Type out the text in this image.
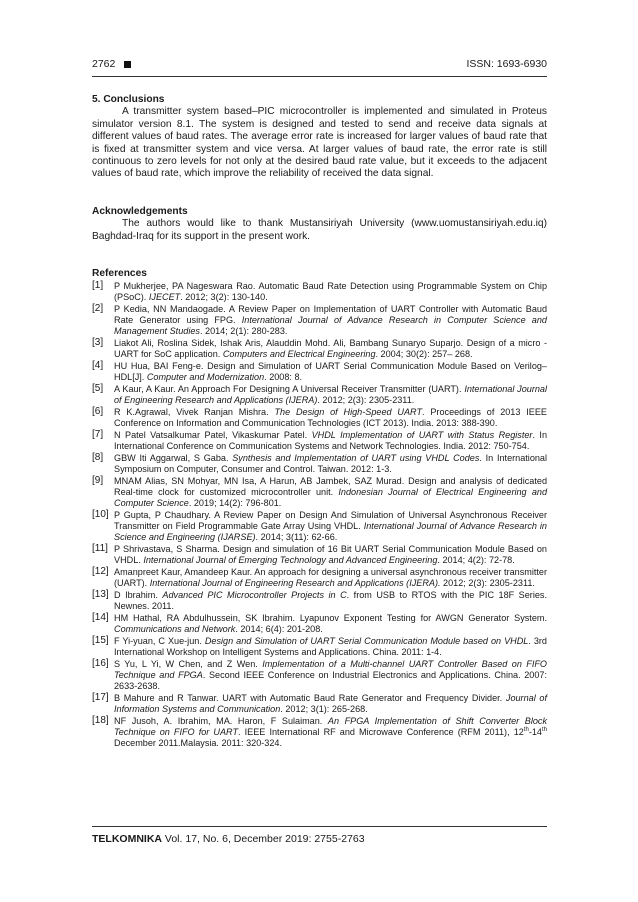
2762	ISSN: 1693-6930
5. Conclusions

A transmitter system based–PIC microcontroller is implemented and simulated in Proteus simulator version 8.1. The system is designed and tested to send and receive data signals at different values of baud rates. The average error rate is increased for larger values of baud rate that is fixed at transmitter system and vice versa. At larger values of baud rate, the error rate is still continuous to zero levels for not only at the desired baud rate value, but it exceeds to the adjacent values of baud rate, which improve the reliability of received the data signal.

Acknowledgements

The authors would like to thank Mustansiriyah University (www.uomustansiriyah.edu.iq) Baghdad-Iraq for its support in the present work.

References
[1]	P Mukherjee, PA Nageswara Rao. Automatic Baud Rate Detection using Programmable System on Chip (PSoC). IJECET. 2012; 3(2): 130-140.
[2]	P Kedia, NN Mandaogade. A Review Paper on Implementation of UART Controller with Automatic Baud Rate Generator using FPG. International Journal of Advance Research in Computer Science and Management Studies. 2014; 2(1): 280-283.
[3]	Liakot Ali, Roslina Sidek, Ishak Aris, Alauddin Mohd. Ali, Bambang Sunaryo Suparjo. Design of a micro - UART for SoC application. Computers and Electrical Engineering. 2004; 30(2): 257– 268.
[4]	HU Hua, BAI Feng-e. Design and Simulation of UART Serial Communication Module Based on Verilog–HDL[J]. Computer and Modernization. 2008: 8.
[5]	A Kaur, A Kaur. An Approach For Designing A Universal Receiver Transmitter (UART). International Journal of Engineering Research and Applications (IJERA). 2012; 2(3): 2305-2311.
[6]	R K.Agrawal, Vivek Ranjan Mishra. The Design of High-Speed UART. Proceedings of 2013 IEEE Conference on Information and Communication Technologies (ICT 2013). India. 2013: 388-390.
[7]	N Patel Vatsalkumar Patel, Vikaskumar Patel. VHDL Implementation of UART with Status Register. In International Conference on Communication Systems and Network Technologies. India. 2012: 750-754.
[8]	GBW Iti Aggarwal, S Gaba. Synthesis and Implementation of UART using VHDL Codes. In International Symposium on Computer, Consumer and Control. Taiwan. 2012: 1-3.
[9]	MNAM Alias, SN Mohyar, MN Isa, A Harun, AB Jambek, SAZ Murad. Design and analysis of dedicated Real-time clock for customized microcontroller unit. Indonesian Journal of Electrical Engineering and Computer Science. 2019; 14(2): 796-801.
[10] P Gupta, P Chaudhary. A Review Paper on Design And Simulation of Universal Asynchronous Receiver Transmitter on Field Programmable Gate Array Using VHDL. International Journal of Advance Research in Science and Engineering (IJARSE). 2014; 3(11): 62-66.
[11] P Shrivastava, S Sharma. Design and simulation of 16 Bit UART Serial Communication Module Based on VHDL. International Journal of Emerging Technology and Advanced Engineering. 2014; 4(2): 72-78.
[12] Amanpreet Kaur, Amandeep Kaur. An approach for designing a universal asynchronous receiver transmitter (UART). International Journal of Engineering Research and Applications (IJERA). 2012; 2(3): 2305-2311.
[13] D Ibrahim. Advanced PIC Microcontroller Projects in C. from USB to RTOS with the PIC 18F Series. Newnes. 2011.
[14] HM Hathal, RA Abdulhussein, SK Ibrahim. Lyapunov Exponent Testing for AWGN Generator System. Communications and Network. 2014; 6(4): 201-208.
[15] F Yi-yuan, C Xue-jun. Design and Simulation of UART Serial Communication Module based on VHDL. 3rd International Workshop on Intelligent Systems and Applications. China. 2011: 1-4.
[16] S Yu, L Yi, W Chen, and Z Wen. Implementation of a Multi-channel UART Controller Based on FIFO Technique and FPGA. Second IEEE Conference on Industrial Electronics and Applications. China. 2007: 2633-2638.
[17] B Mahure and R Tanwar. UART with Automatic Baud Rate Generator and Frequency Divider. Journal of Information Systems and Communication. 2012; 3(1): 265-268.
[18] NF Jusoh, A. Ibrahim, MA. Haron, F Sulaiman. An FPGA Implementation of Shift Converter Block Technique on FIFO for UART. IEEE International RF and Microwave Conference (RFM 2011), 12th-14th December 2011.Malaysia. 2011: 320-324.
TELKOMNIKA Vol. 17, No. 6, December 2019: 2755-2763
